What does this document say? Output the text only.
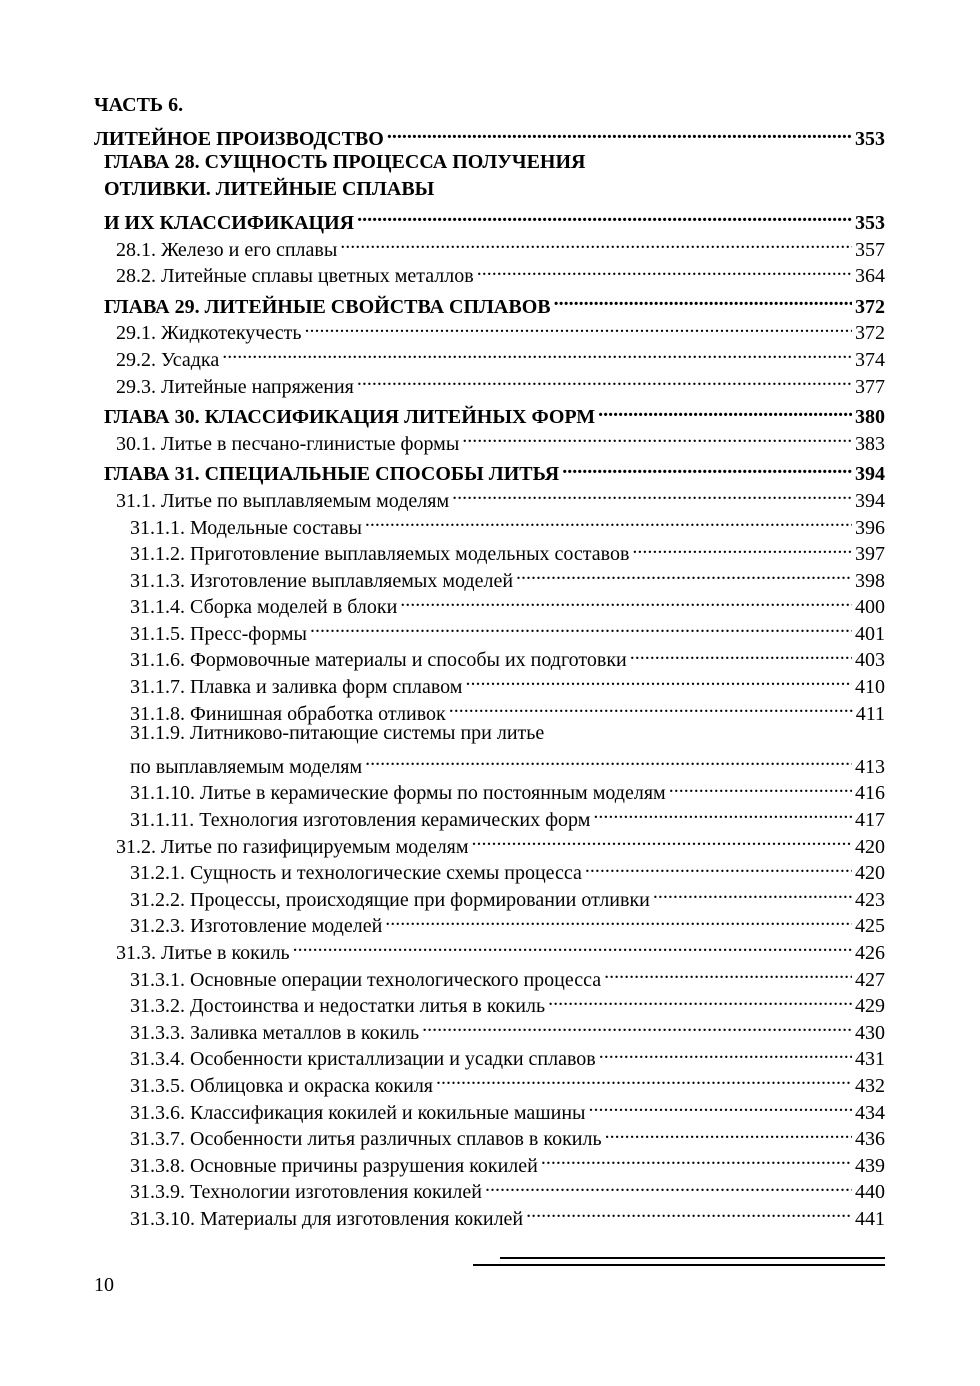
ЧАСТЬ 6.
ЛИТЕЙНОЕ ПРОИЗВОДСТВО .....	353
ГЛАВА 28. СУЩНОСТЬ ПРОЦЕССА ПОЛУЧЕНИЯ
ОТЛИВКИ. ЛИТЕЙНЫЕ СПЛАВЫ
И ИХ КЛАССИФИКАЦИЯ .....	353
28.1. Железо и его сплавы .....	357
28.2. Литейные сплавы цветных металлов .....	364
ГЛАВА 29. ЛИТЕЙНЫЕ СВОЙСТВА СПЛАВОВ .....	372
29.1. Жидкотекучесть .....	372
29.2. Усадка .....	374
29.3. Литейные напряжения .....	377
ГЛАВА 30. КЛАССИФИКАЦИЯ ЛИТЕЙНЫХ ФОРМ .....	380
30.1. Литье в песчано-глинистые формы .....	383
ГЛАВА 31. СПЕЦИАЛЬНЫЕ СПОСОБЫ ЛИТЬЯ .....	394
31.1. Литье по выплавляемым моделям .....	394
31.1.1. Модельные составы .....	396
31.1.2. Приготовление выплавляемых модельных составов .....	397
31.1.3. Изготовление выплавляемых моделей .....	398
31.1.4. Сборка моделей в блоки .....	400
31.1.5. Пресс-формы .....	401
31.1.6. Формовочные материалы и способы их подготовки .....	403
31.1.7. Плавка и заливка форм сплавом .....	410
31.1.8. Финишная обработка отливок .....	411
31.1.9. Литниково-питающие системы при литье
по выплавляемым моделям .....	413
31.1.10. Литье в керамические формы по постоянным моделям .....	416
31.1.11. Технология изготовления керамических форм .....	417
31.2. Литье по газифицируемым моделям .....	420
31.2.1. Сущность и технологические схемы процесса .....	420
31.2.2. Процессы, происходящие при формировании отливки .....	423
31.2.3. Изготовление моделей .....	425
31.3. Литье в кокиль .....	426
31.3.1. Основные операции технологического процесса .....	427
31.3.2. Достоинства и недостатки литья в кокиль .....	429
31.3.3. Заливка металлов в кокиль .....	430
31.3.4. Особенности кристаллизации и усадки сплавов .....	431
31.3.5. Облицовка и окраска кокиля .....	432
31.3.6. Классификация кокилей и кокильные машины .....	434
31.3.7. Особенности литья различных сплавов в кокиль .....	436
31.3.8. Основные причины разрушения кокилей .....	439
31.3.9. Технологии изготовления кокилей .....	440
31.3.10. Материалы для изготовления кокилей .....	441
10
